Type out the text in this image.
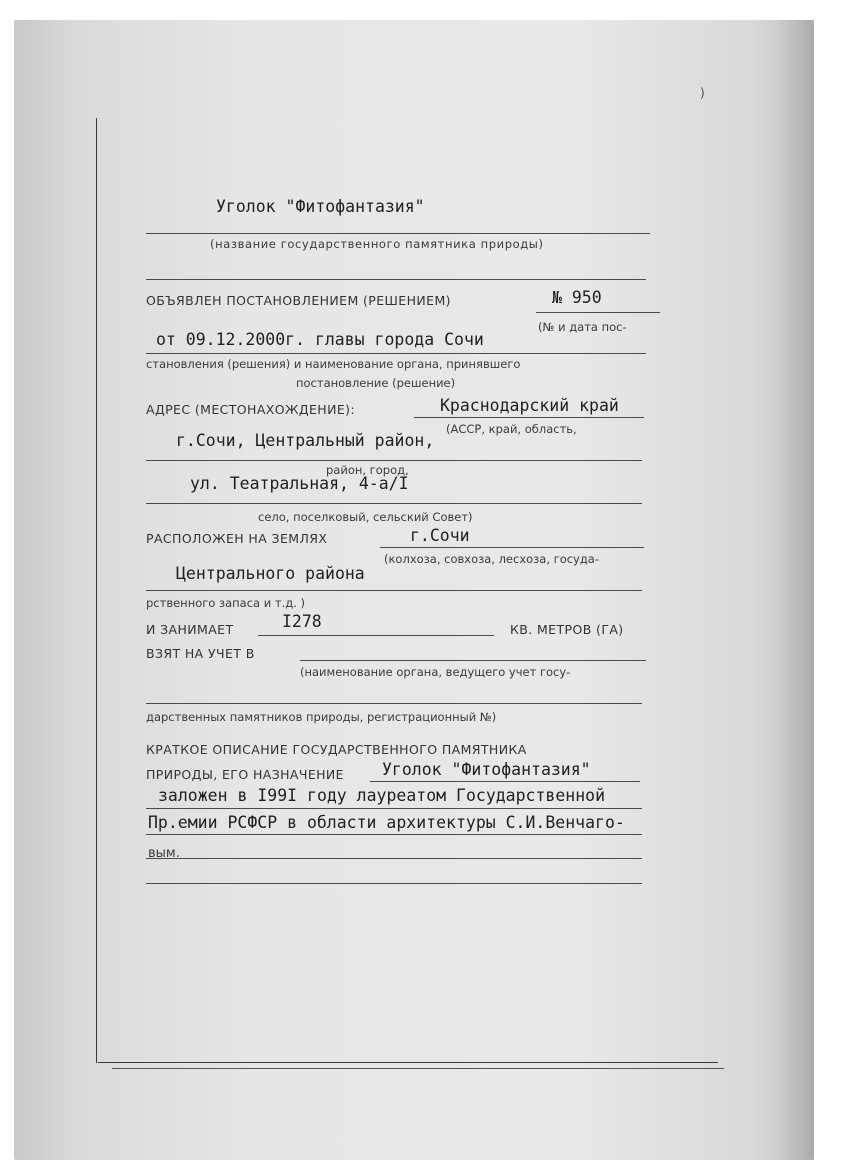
)
Уголок "Фитофантазия"
(название государственного памятника природы)
ОБЪЯВЛЕН ПОСТАНОВЛЕНИЕМ (РЕШЕНИЕМ)	№ 950
(№ и дата пос-
от 09.12.2000г. главы города Сочи
становления (решения) и наименование органа, принявшего
постановление (решение)
АДРЕС (МЕСТОНАХОЖДЕНИЕ):	Краснодарский край
(АССР, край, область,
г.Сочи, Центральный район,
район, город,
ул. Театральная, 4-а/I
село, поселковый, сельский Совет)
РАСПОЛОЖЕН НА ЗЕМЛЯХ	г.Сочи
(колхоза, совхоза, лесхоза, госуда-
Центрального района
рственного запаса и т.д. )
И ЗАНИМАЕТ	I278	КВ. МЕТРОВ (ГА)
ВЗЯТ НА УЧЕТ В
(наименование органа, ведущего учет госу-
дарственных памятников природы, регистрационный №)
КРАТКОЕ ОПИСАНИЕ ГОСУДАРСТВЕННОГО ПАМЯТНИКА
ПРИРОДЫ, ЕГО НАЗНАЧЕНИЕ Уголок "Фитофантазия"
заложен в I99I году лауреатом Государственной
Пр.емии РСФСР в области архитектуры С.И.Венчаго-
вым.
